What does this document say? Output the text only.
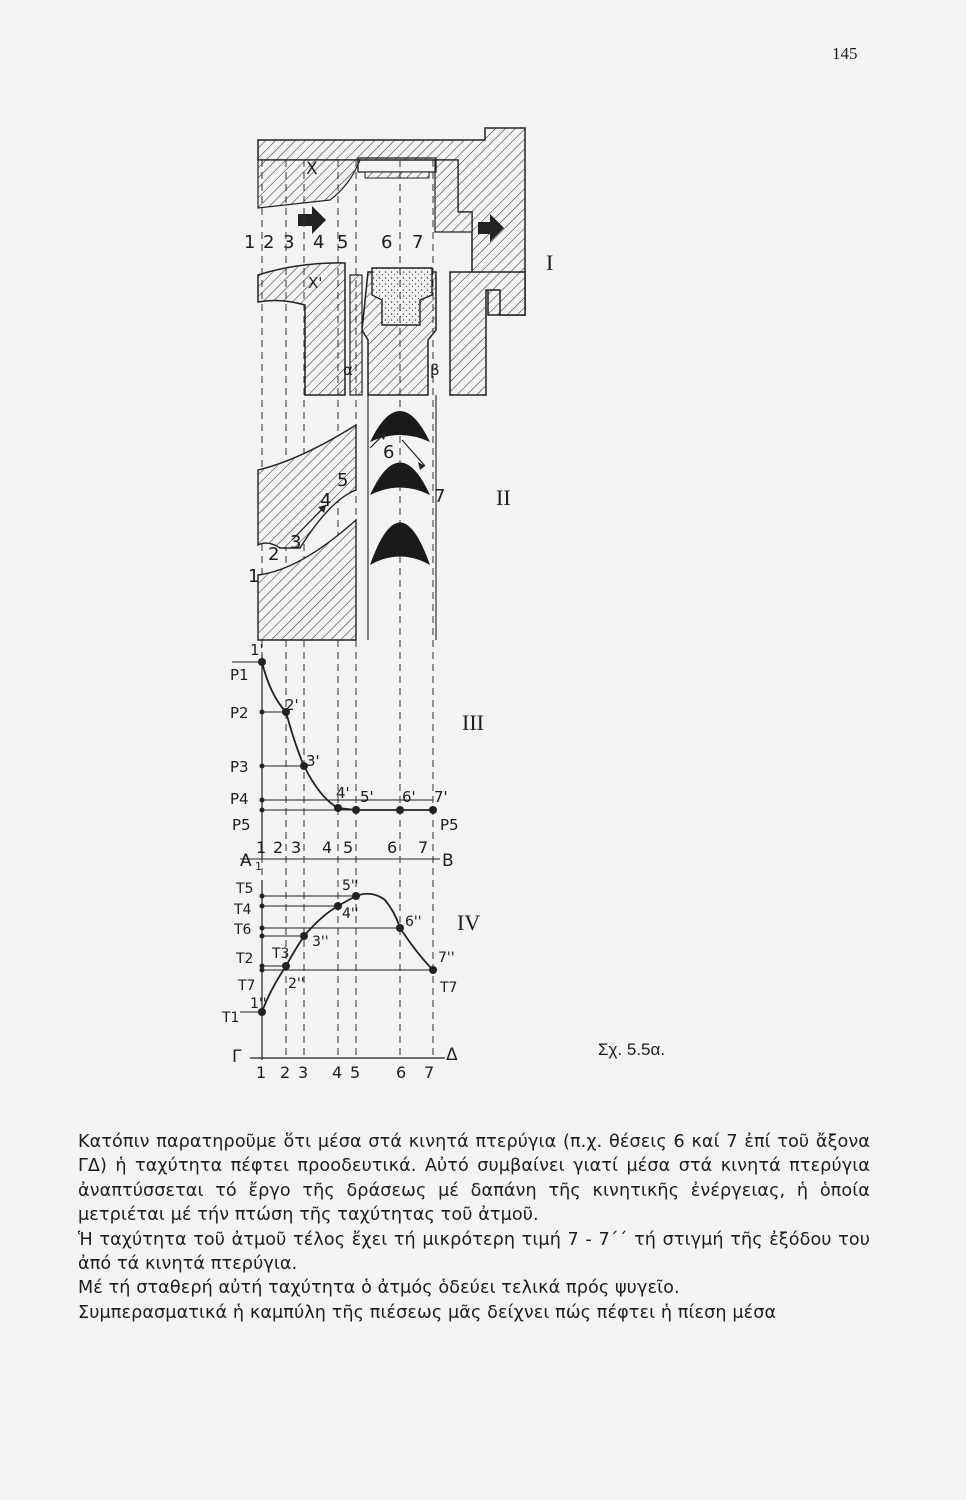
145
X
X'
α	β
1 2 3 4 5 6 7
1
2
3
4
5
6
7
P1
P2
P3
P4
P5	P5
1'
2'
3'
4' 5' 6' 7'
A 1	B
1 2 3 4 5 6 7
T5
T4
T6
T3
T2
T7
T1
T7
1''
2''
3''
4''
5''
6''
7''
Γ	Δ
1 2 3 4 5 6 7
I
II
III
IV
Σχ. 5.5α.

Κατόπιν παρατηροῦμε ὅτι μέσα στά κινητά πτερύγια (π.χ. θέσεις 6 καί 7 ἐπί τοῦ ἄξονα ΓΔ) ἡ ταχύτητα πέφτει προοδευτικά. Αὐτό συμβαίνει γιατί μέσα στά κινητά πτερύγια ἀναπτύσσεται τό ἔργο τῆς δράσεως μέ δαπάνη τῆς κινητικῆς ἐνέργειας, ἡ ὁποία μετριέται μέ τήν πτώση τῆς ταχύτητας τοῦ ἀτμοῦ.

Ἡ ταχύτητα τοῦ ἀτμοῦ τέλος ἔχει τή μικρότερη τιμή 7 - 7΄΄ τή στιγμή τῆς ἐξόδου του ἀπό τά κινητά πτερύγια.

Μέ τή σταθερή αὐτή ταχύτητα ὁ ἀτμός ὁδεύει τελικά πρός ψυγεῖο.

Συμπερασματικά ἡ καμπύλη τῆς πιέσεως μᾶς δείχνει πώς πέφτει ἡ πίεση μέσα
